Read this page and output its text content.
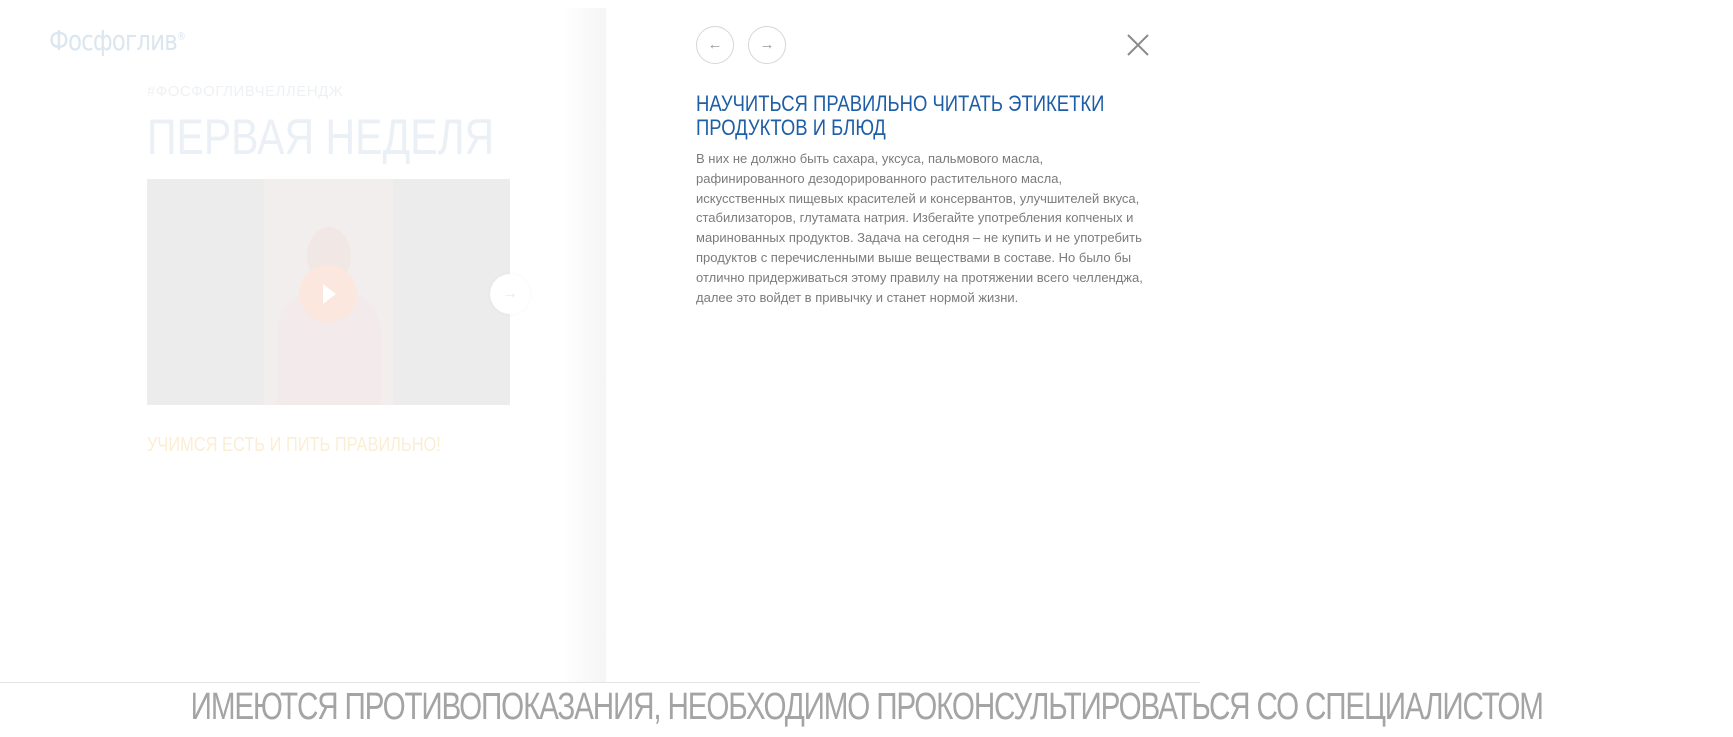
Фосфоглив®
#ФОСФОГЛИВЧЕЛЛЕНДЖ
ПЕРВАЯ НЕДЕЛЯ
→
УЧИМСЯ ЕСТЬ И ПИТЬ ПРАВИЛЬНО!
←	→
НАУЧИТЬСЯ ПРАВИЛЬНО ЧИТАТЬ ЭТИКЕТКИ ПРОДУКТОВ И БЛЮД
В них не должно быть сахара, уксуса, пальмового масла, рафинированного дезодорированного растительного масла, искусственных пищевых красителей и консервантов, улучшителей вкуса, стабилизаторов, глутамата натрия. Избегайте употребления копченых и маринованных продуктов. Задача на сегодня – не купить и не употребить продуктов с перечисленными выше веществами в составе. Но было бы отлично придерживаться этому правилу на протяжении всего челленджа, далее это войдет в привычку и станет нормой жизни.
ИМЕЮТСЯ ПРОТИВОПОКАЗАНИЯ, НЕОБХОДИМО ПРОКОНСУЛЬТИРОВАТЬСЯ СО СПЕЦИАЛИСТОМ
